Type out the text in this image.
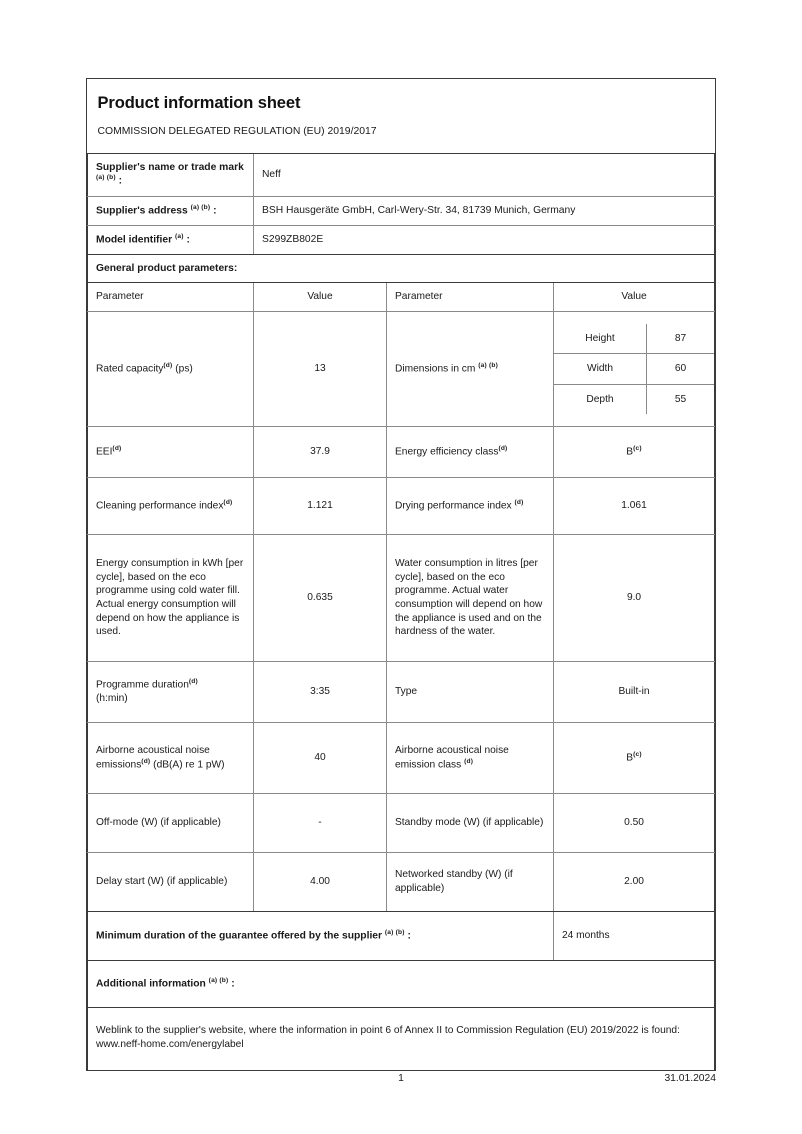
Product information sheet
COMMISSION DELEGATED REGULATION (EU) 2019/2017
Supplier's name or trade mark $^{(a) (b)}$ :	Neff
Supplier's address $^{(a) (b)}$ :	BSH Hausgeräte GmbH, Carl-Wery-Str. 34, 81739 Munich, Germany
Model identifier $^{(a)}$ :	S299ZB802E
General product parameters:
Parameter	Value	Parameter	Value
Rated capacity$^{(d)}$ (ps)	13	Dimensions in cm $^{(a) (b)}$	
Height	87
Width	60
Depth	55

EEI$^{(d)}$	37.9	Energy efficiency class$^{(d)}$	$B^{(c)}$
Cleaning performance index$^{(d)}$	1.121	Drying performance index $^{(d)}$	1.061
Energy consumption in kWh [per cycle], based on the eco programme using cold water fill. Actual energy consumption will depend on how the appliance is used.	0.635	Water consumption in litres [per cycle], based on the eco programme. Actual water consumption will depend on how the appliance is used and on the hardness of the water.	9.0
Programme duration$^{(d)}$
(h:min)	3:35	Type	Built-in
Airborne acoustical noise emissions$^{(d)}$ (dB(A) re 1 pW)	40	Airborne acoustical noise emission class $^{(d)}$	$B^{(c)}$
Off-mode (W) (if applicable)	-	Standby mode (W) (if applicable)	0.50
Delay start (W) (if applicable)	4.00	Networked standby (W) (if applicable)	2.00
Minimum duration of the guarantee offered by the supplier $^{(a) (b)}$ :	24 months
Additional information $^{(a) (b)}$ :
Weblink to the supplier's website, where the information in point 6 of Annex II to Commission Regulation (EU) 2019/2022 is found: www.neff-home.com/energylabel
1	31.01.2024
